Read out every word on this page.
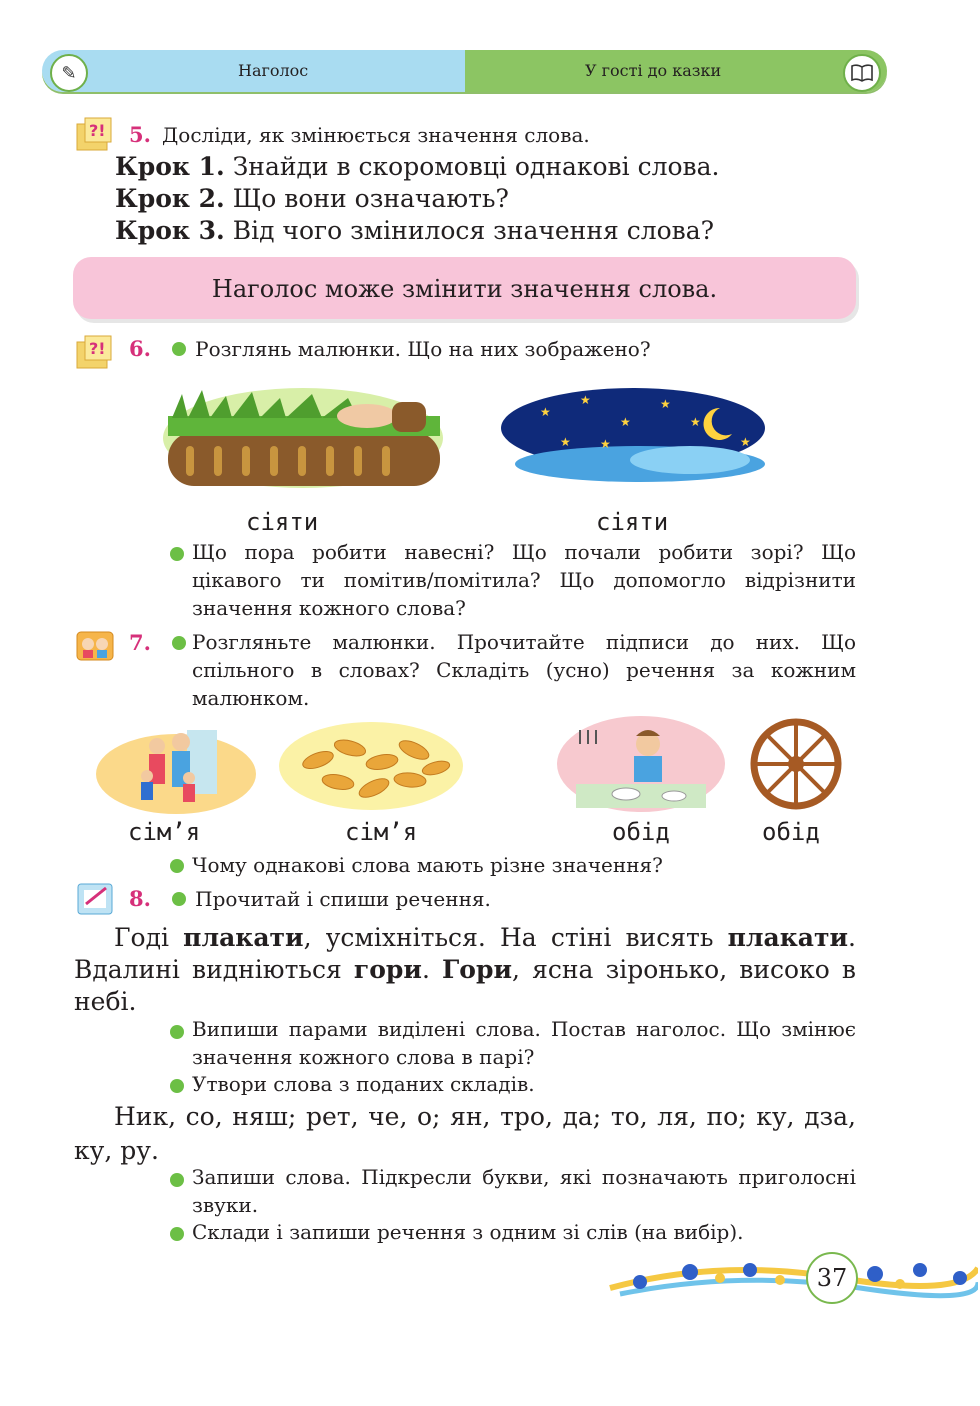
Наголос	У гості до казки
✎
?! 5. Досліди, як змінюється значення слова.
Крок 1. Знайди в скоромовці однакові слова.
Крок 2. Що вони означають?
Крок 3. Від чого змінилося значення слова?
Наголос може змінити значення слова.
?! 6. Розглянь малюнки. Що на них зображено?
★
★
★
★
★
★
★	★
сіяти	сіяти
Що пора робити навесні? Що почали робити зорі? Що цікавого ти помітив/помітила? Що допомогло відрізнити значення кожного слова?
7.	Розгляньте малюнки. Прочитайте підписи до них. Що спільного в словах? Складіть (усно) речення за кожним малюнком.
сім’я	сім’я	обід	обід
Чому однакові слова мають різне значення?
8. Прочитай і спиши речення.
Годі плакати, усміхніться. На стіні висять плакати. Вдалині видніються гори. Гори, ясна зіронько, високо в небі.
Випиши парами виділені слова. Постав наголос. Що змінює значення кожного слова в парі?
Утвори слова з поданих складів.
Ник, со, няш; рет, че, о; ян, тро, да; то, ля, по; ку, дза, ку, ру.
Запиши слова. Підкресли букви, які позначають приголосні звуки.
Склади і запиши речення з одним зі слів (на вибір).
37
